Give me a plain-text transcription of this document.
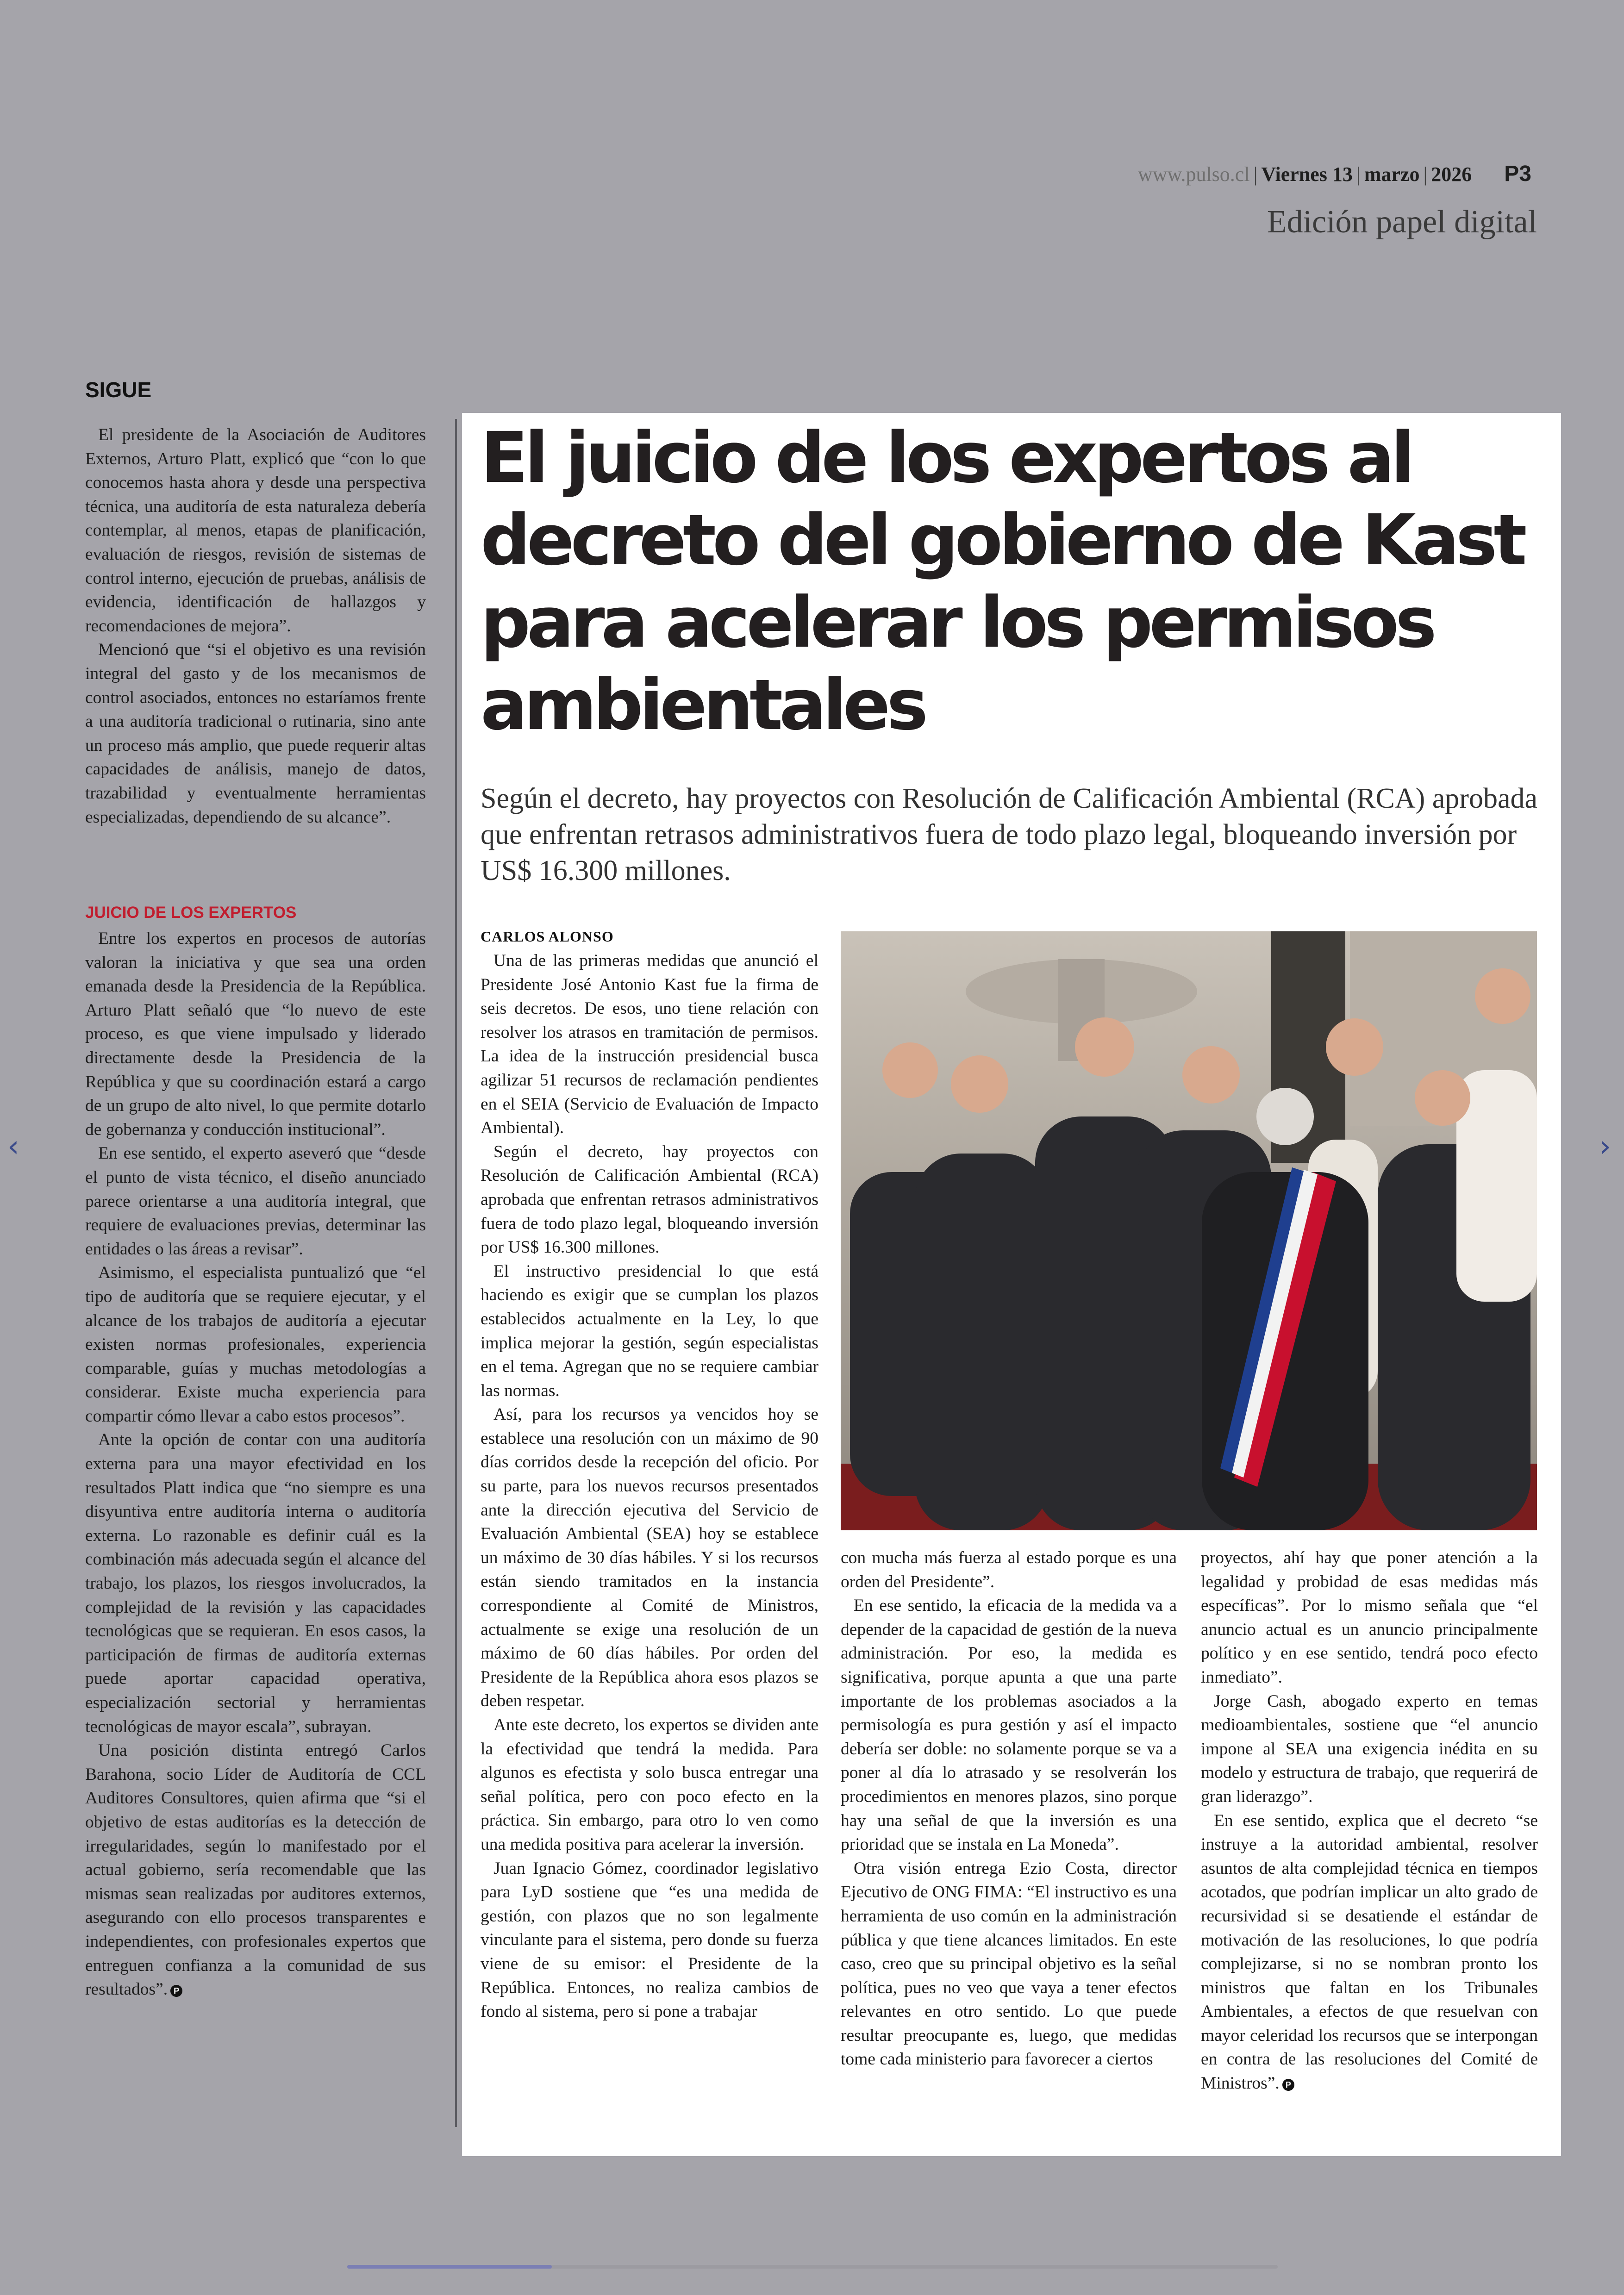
www.pulso.cl | Viernes 13 | marzo | 2026 P3
Edición papel digital
SIGUE

El presidente de la Asociación de Auditores Externos, Arturo Platt, explicó que “con lo que conocemos hasta ahora y desde una perspectiva técnica, una auditoría de esta naturaleza debería contemplar, al menos, etapas de planificación, evaluación de riesgos, revisión de sistemas de control interno, ejecución de pruebas, análisis de evidencia, identificación de hallazgos y recomendaciones de mejora”.

Mencionó que “si el objetivo es una revisión integral del gasto y de los mecanismos de control asociados, entonces no estaríamos frente a una auditoría tradicional o rutinaria, sino ante un proceso más amplio, que puede requerir altas capacidades de análisis, manejo de datos, trazabilidad y eventualmente herramientas especializadas, dependiendo de su alcance”.

JUICIO DE LOS EXPERTOS

Entre los expertos en procesos de autorías valoran la iniciativa y que sea una orden emanada desde la Presidencia de la República. Arturo Platt señaló que “lo nuevo de este proceso, es que viene impulsado y liderado directamente desde la Presidencia de la República y que su coordinación estará a cargo de un grupo de alto nivel, lo que permite dotarlo de gobernanza y conducción institucional”.

En ese sentido, el experto aseveró que “desde el punto de vista técnico, el diseño anunciado parece orientarse a una auditoría integral, que requiere de evaluaciones previas, determinar las entidades o las áreas a revisar”.

Asimismo, el especialista puntualizó que “el tipo de auditoría que se requiere ejecutar, y el alcance de los trabajos de auditoría a ejecutar existen normas profesionales, experiencia comparable, guías y muchas metodologías a considerar. Existe mucha experiencia para compartir cómo llevar a cabo estos procesos”.

Ante la opción de contar con una auditoría externa para una mayor efectividad en los resultados Platt indica que “no siempre es una disyuntiva entre auditoría interna o auditoría externa. Lo razonable es definir cuál es la combinación más adecuada según el alcance del trabajo, los plazos, los riesgos involucrados, la complejidad de la revisión y las capacidades tecnológicas que se requieran. En esos casos, la participación de firmas de auditoría externas puede aportar capacidad operativa, especialización sectorial y herramientas tecnológicas de mayor escala”, subrayan.

Una posición distinta entregó Carlos Barahona, socio Líder de Auditoría de CCL Auditores Consultores, quien afirma que “si el objetivo de estas auditorías es la detección de irregularidades, según lo manifestado por el actual gobierno, sería recomendable que las mismas sean realizadas por auditores externos, asegurando con ello procesos transparentes e independientes, con profesionales expertos que entreguen confianza a la comunidad de sus resultados”. P

El juicio de los expertos al decreto del gobierno de Kast para acelerar los permisos ambientales
Según el decreto, hay proyectos con Resolución de Calificación Ambiental (RCA) aprobada que enfrentan retrasos administrativos fuera de todo plazo legal, bloqueando inversión por US$ 16.300 millones.
CARLOS ALONSO

Una de las primeras medidas que anunció el Presidente José Antonio Kast fue la firma de seis decretos. De esos, uno tiene relación con resolver los atrasos en tramitación de permisos. La idea de la instrucción presidencial busca agilizar 51 recursos de reclamación pendientes en el SEIA (Servicio de Evaluación de Impacto Ambiental).

Según el decreto, hay proyectos con Resolución de Calificación Ambiental (RCA) aprobada que enfrentan retrasos administrativos fuera de todo plazo legal, bloqueando inversión por US$ 16.300 millones.

El instructivo presidencial lo que está haciendo es exigir que se cumplan los plazos establecidos actualmente en la Ley, lo que implica mejorar la gestión, según especialistas en el tema. Agregan que no se requiere cambiar las normas.

Así, para los recursos ya vencidos hoy se establece una resolución con un máximo de 90 días corridos desde la recepción del oficio. Por su parte, para los nuevos recursos presentados ante la dirección ejecutiva del Servicio de Evaluación Ambiental (SEA) hoy se establece un máximo de 30 días hábiles. Y si los recursos están siendo tramitados en la instancia correspondiente al Comité de Ministros, actualmente se exige una resolución de un máximo de 60 días hábiles. Por orden del Presidente de la República ahora esos plazos se deben respetar.

Ante este decreto, los expertos se dividen ante la efectividad que tendrá la medida. Para algunos es efectista y solo busca entregar una señal política, pero con poco efecto en la práctica. Sin embargo, para otro lo ven como una medida positiva para acelerar la inversión.

Juan Ignacio Gómez, coordinador legislativo para LyD sostiene que “es una medida de gestión, con plazos que no son legalmente vinculante para el sistema, pero donde su fuerza viene de su emisor: el Presidente de la República. Entonces, no realiza cambios de fondo al sistema, pero si pone a trabajar

con mucha más fuerza al estado porque es una orden del Presidente”.

En ese sentido, la eficacia de la medida va a depender de la capacidad de gestión de la nueva administración. Por eso, la medida es significativa, porque apunta a que una parte importante de los problemas asociados a la permisología es pura gestión y así el impacto debería ser doble: no solamente porque se va a poner al día lo atrasado y se resolverán los procedimientos en menores plazos, sino porque hay una señal de que la inversión es una prioridad que se instala en La Moneda”.

Otra visión entrega Ezio Costa, director Ejecutivo de ONG FIMA: “El instructivo es una herramienta de uso común en la administración pública y que tiene alcances limitados. En este caso, creo que su principal objetivo es la señal política, pues no veo que vaya a tener efectos relevantes en otro sentido. Lo que puede resultar preocupante es, luego, que medidas tome cada ministerio para favorecer a ciertos

proyectos, ahí hay que poner atención a la legalidad y probidad de esas medidas más específicas”. Por lo mismo señala que “el anuncio actual es un anuncio principalmente político y en ese sentido, tendrá poco efecto inmediato”.

Jorge Cash, abogado experto en temas medioambientales, sostiene que “el anuncio impone al SEA una exigencia inédita en su modelo y estructura de trabajo, que requerirá de gran liderazgo”.

En ese sentido, explica que el decreto “se instruye a la autoridad ambiental, resolver asuntos de alta complejidad técnica en tiempos acotados, que podrían implicar un alto grado de recursividad si se desatiende el estándar de motivación de las resoluciones, lo que podría complejizarse, si no se nombran pronto los ministros que faltan en los Tribunales Ambientales, a efectos de que resuelvan con mayor celeridad los recursos que se interpongan en contra de las resoluciones del Comité de Ministros”. P

‹	›
